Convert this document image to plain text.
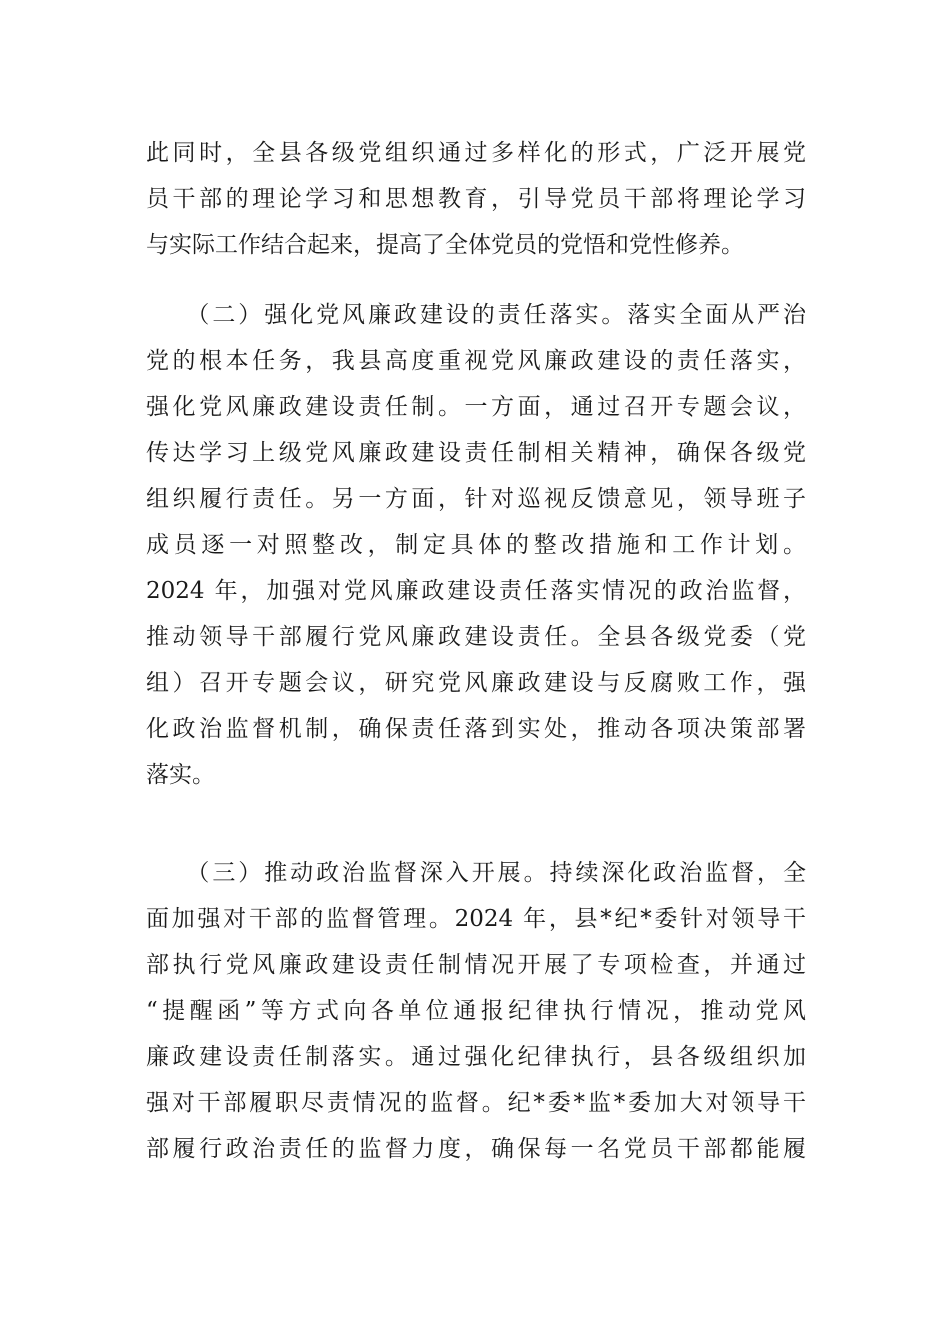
此同时，全县各级党组织通过多样化的形式，广泛开展党
员干部的理论学习和思想教育，引导党员干部将理论学习
与实际工作结合起来，提高了全体党员的党悟和党性修养。
　　（二）强化党风廉政建设的责任落实。落实全面从严治
党的根本任务，我县高度重视党风廉政建设的责任落实，
强化党风廉政建设责任制。一方面，通过召开专题会议，
传达学习上级党风廉政建设责任制相关精神，确保各级党
组织履行责任。另一方面，针对巡视反馈意见，领导班子
成员逐一对照整改，制定具体的整改措施和工作计划。
2024 年，加强对党风廉政建设责任落实情况的政治监督，
推动领导干部履行党风廉政建设责任。全县各级党委（党
组）召开专题会议，研究党风廉政建设与反腐败工作，强
化政治监督机制，确保责任落到实处，推动各项决策部署
落实。
　　（三）推动政治监督深入开展。持续深化政治监督，全
面加强对干部的监督管理。2024 年，县*纪*委针对领导干
部执行党风廉政建设责任制情况开展了专项检查，并通过
“提醒函”等方式向各单位通报纪律执行情况，推动党风
廉政建设责任制落实。通过强化纪律执行，县各级组织加
强对干部履职尽责情况的监督。纪*委*监*委加大对领导干
部履行政治责任的监督力度，确保每一名党员干部都能履
